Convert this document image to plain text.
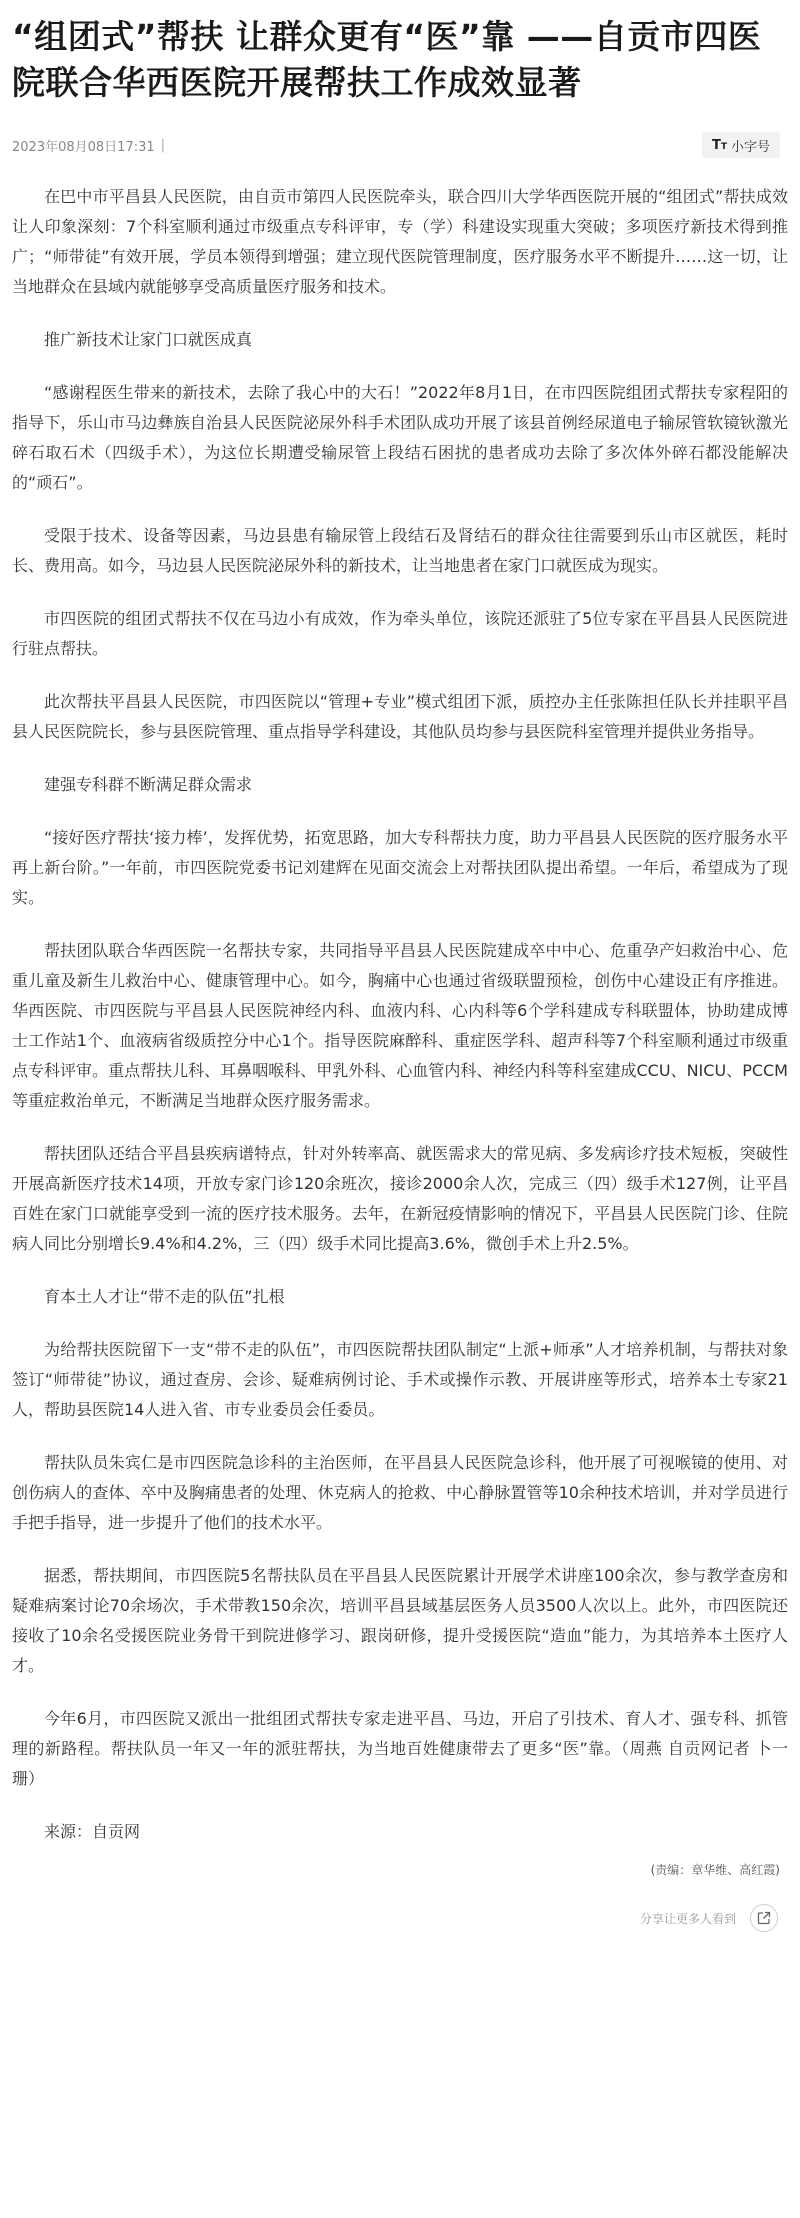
“组团式”帮扶 让群众更有“医”靠 ——自贡市四医院联合华西医院开展帮扶工作成效显著
2023年08月08日17:31 |	TT 小字号

在巴中市平昌县人民医院，由自贡市第四人民医院牵头，联合四川大学华西医院开展的“组团式”帮扶成效让人印象深刻：7个科室顺利通过市级重点专科评审，专（学）科建设实现重大突破；多项医疗新技术得到推广；“师带徒”有效开展，学员本领得到增强；建立现代医院管理制度，医疗服务水平不断提升……这一切，让当地群众在县域内就能够享受高质量医疗服务和技术。

推广新技术让家门口就医成真

“感谢程医生带来的新技术，去除了我心中的大石！”2022年8月1日，在市四医院组团式帮扶专家程阳的指导下，乐山市马边彝族自治县人民医院泌尿外科手术团队成功开展了该县首例经尿道电子输尿管软镜钬激光碎石取石术（四级手术），为这位长期遭受输尿管上段结石困扰的患者成功去除了多次体外碎石都没能解决的“顽石”。

受限于技术、设备等因素，马边县患有输尿管上段结石及肾结石的群众往往需要到乐山市区就医，耗时长、费用高。如今，马边县人民医院泌尿外科的新技术，让当地患者在家门口就医成为现实。

市四医院的组团式帮扶不仅在马边小有成效，作为牵头单位，该院还派驻了5位专家在平昌县人民医院进行驻点帮扶。

此次帮扶平昌县人民医院，市四医院以“管理+专业”模式组团下派，质控办主任张陈担任队长并挂职平昌县人民医院院长，参与县医院管理、重点指导学科建设，其他队员均参与县医院科室管理并提供业务指导。

建强专科群不断满足群众需求

“接好医疗帮扶‘接力棒’，发挥优势，拓宽思路，加大专科帮扶力度，助力平昌县人民医院的医疗服务水平再上新台阶。”一年前，市四医院党委书记刘建辉在见面交流会上对帮扶团队提出希望。一年后，希望成为了现实。

帮扶团队联合华西医院一名帮扶专家，共同指导平昌县人民医院建成卒中中心、危重孕产妇救治中心、危重儿童及新生儿救治中心、健康管理中心。如今，胸痛中心也通过省级联盟预检，创伤中心建设正有序推进。华西医院、市四医院与平昌县人民医院神经内科、血液内科、心内科等6个学科建成专科联盟体，协助建成博士工作站1个、血液病省级质控分中心1个。指导医院麻醉科、重症医学科、超声科等7个科室顺利通过市级重点专科评审。重点帮扶儿科、耳鼻咽喉科、甲乳外科、心血管内科、神经内科等科室建成CCU、NICU、PCCM等重症救治单元，不断满足当地群众医疗服务需求。

帮扶团队还结合平昌县疾病谱特点，针对外转率高、就医需求大的常见病、多发病诊疗技术短板，突破性开展高新医疗技术14项，开放专家门诊120余班次，接诊2000余人次，完成三（四）级手术127例，让平昌百姓在家门口就能享受到一流的医疗技术服务。去年，在新冠疫情影响的情况下，平昌县人民医院门诊、住院病人同比分别增长9.4%和4.2%，三（四）级手术同比提高3.6%，微创手术上升2.5%。

育本土人才让“带不走的队伍”扎根

为给帮扶医院留下一支“带不走的队伍”，市四医院帮扶团队制定“上派+师承”人才培养机制，与帮扶对象签订“师带徒”协议，通过查房、会诊、疑难病例讨论、手术或操作示教、开展讲座等形式，培养本土专家21人，帮助县医院14人进入省、市专业委员会任委员。

帮扶队员朱宾仁是市四医院急诊科的主治医师，在平昌县人民医院急诊科，他开展了可视喉镜的使用、对创伤病人的查体、卒中及胸痛患者的处理、休克病人的抢救、中心静脉置管等10余种技术培训，并对学员进行手把手指导，进一步提升了他们的技术水平。

据悉，帮扶期间，市四医院5名帮扶队员在平昌县人民医院累计开展学术讲座100余次，参与教学查房和疑难病案讨论70余场次，手术带教150余次，培训平昌县域基层医务人员3500人次以上。此外，市四医院还接收了10余名受援医院业务骨干到院进修学习、跟岗研修，提升受援医院“造血”能力，为其培养本土医疗人才。

今年6月，市四医院又派出一批组团式帮扶专家走进平昌、马边，开启了引技术、育人才、强专科、抓管理的新路程。帮扶队员一年又一年的派驻帮扶，为当地百姓健康带去了更多“医”靠。（周燕 自贡网记者 卜一珊）

来源：自贡网

(责编：章华维、高红霞)
分享让更多人看到
